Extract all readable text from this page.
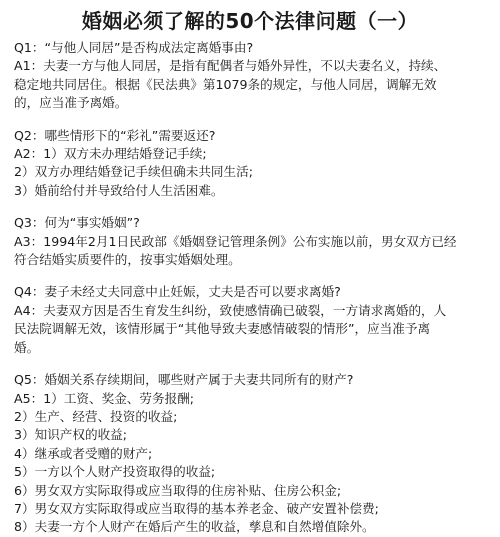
婚姻必须了解的50个法律问题（一）
Q1：“与他人同居”是否构成法定离婚事由?
A1：夫妻一方与他人同居，是指有配偶者与婚外异性，不以夫妻名义，持续、
稳定地共同居住。根据《民法典》第1079条的规定，与他人同居，调解无效
的，应当准予离婚。
Q2：哪些情形下的“彩礼”需要返还?
A2：1）双方未办理结婚登记手续;
2）双方办理结婚登记手续但确未共同生活;
3）婚前给付并导致给付人生活困难。
Q3：何为“事实婚姻”?
A3：1994年2月1日民政部《婚姻登记管理条例》公布实施以前，男女双方已经
符合结婚实质要件的，按事实婚姻处理。
Q4：妻子未经丈夫同意中止妊娠，丈夫是否可以要求离婚?
A4：夫妻双方因是否生育发生纠纷，致使感情确已破裂，一方请求离婚的，人
民法院调解无效，该情形属于“其他导致夫妻感情破裂的情形”，应当准予离
婚。
Q5：婚姻关系存续期间，哪些财产属于夫妻共同所有的财产?
A5：1）工资、奖金、劳务报酬;
2）生产、经营、投资的收益;
3）知识产权的收益;
4）继承或者受赠的财产;
5）一方以个人财产投资取得的收益;
6）男女双方实际取得或应当取得的住房补贴、住房公积金;
7）男女双方实际取得或应当取得的基本养老金、破产安置补偿费;
8）夫妻一方个人财产在婚后产生的收益，孳息和自然增值除外。
